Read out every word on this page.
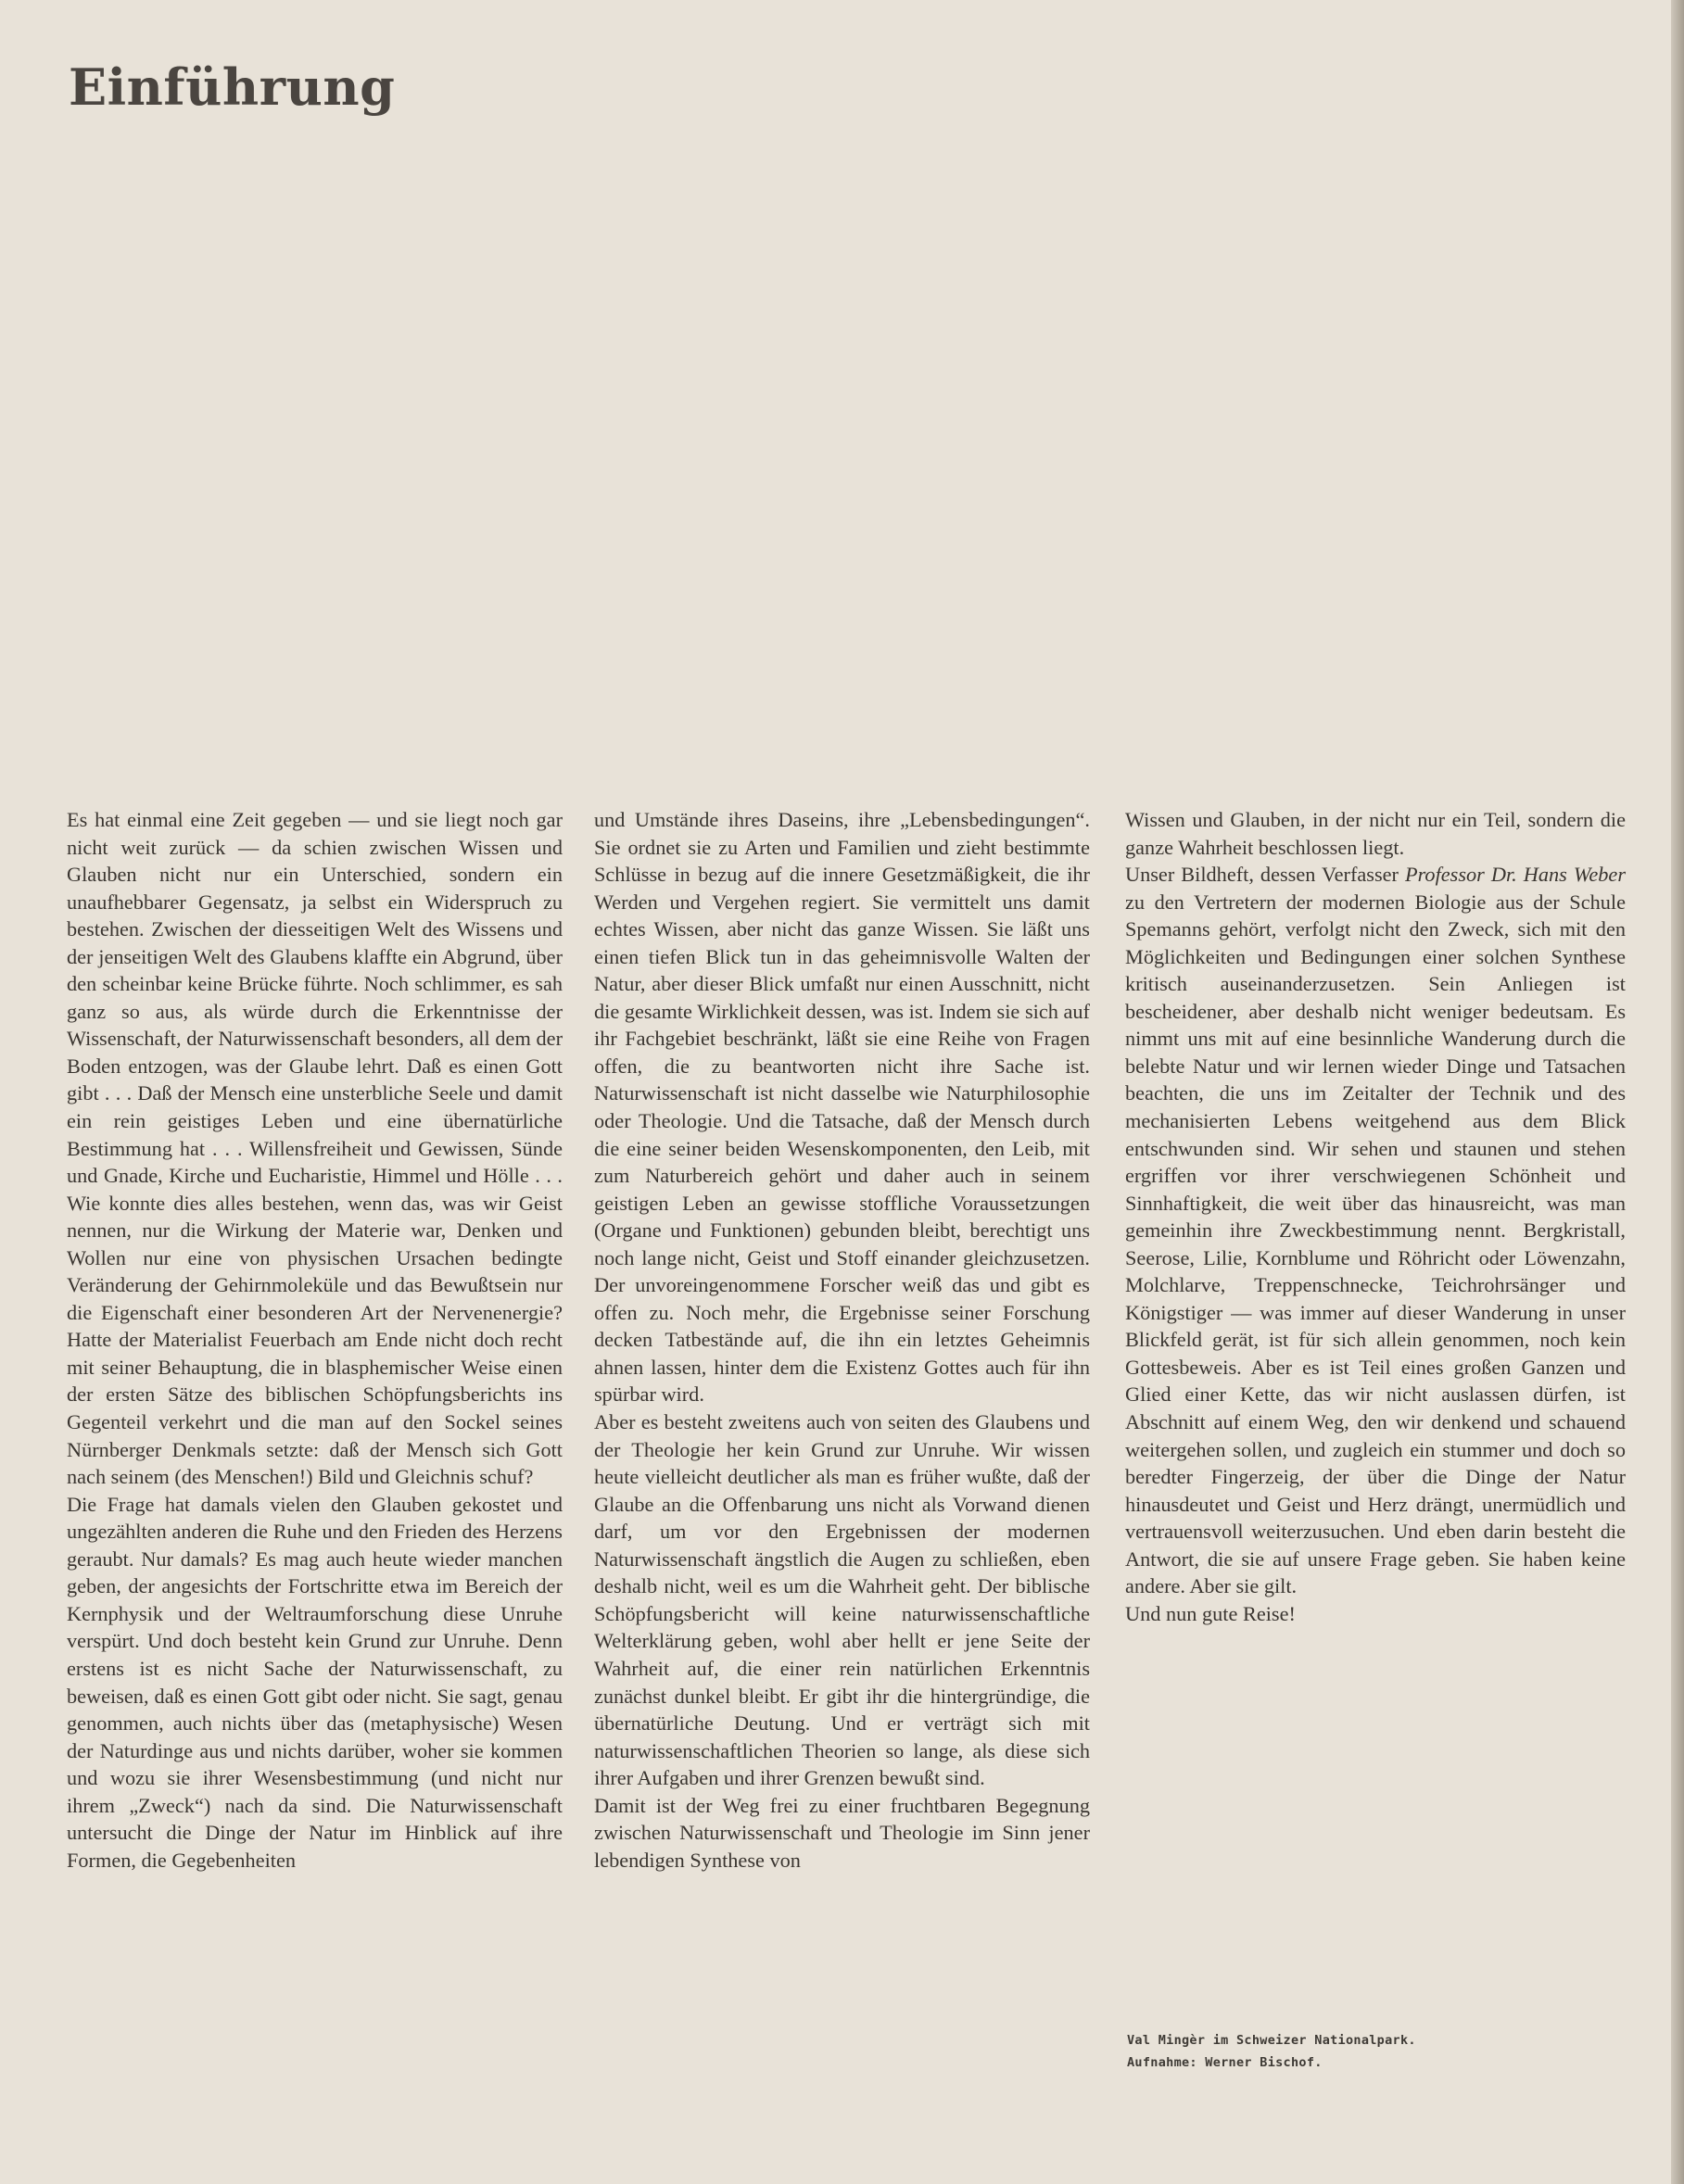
Einführung

Es hat einmal eine Zeit gegeben — und sie liegt noch gar nicht weit zurück — da schien zwischen Wissen und Glauben nicht nur ein Unterschied, sondern ein unaufhebbarer Gegensatz, ja selbst ein Widerspruch zu bestehen. Zwischen der diesseitigen Welt des Wissens und der jenseitigen Welt des Glaubens klaffte ein Abgrund, über den scheinbar keine Brücke führte. Noch schlimmer, es sah ganz so aus, als würde durch die Erkenntnisse der Wissenschaft, der Naturwissenschaft besonders, all dem der Boden entzogen, was der Glaube lehrt. Daß es einen Gott gibt . . . Daß der Mensch eine unsterbliche Seele und damit ein rein geistiges Leben und eine übernatürliche Bestimmung hat . . . Willensfreiheit und Gewissen, Sünde und Gnade, Kirche und Eucharistie, Himmel und Hölle . . . Wie konnte dies alles bestehen, wenn das, was wir Geist nennen, nur die Wirkung der Materie war, Denken und Wollen nur eine von physischen Ursachen bedingte Veränderung der Gehirnmoleküle und das Bewußtsein nur die Eigenschaft einer besonderen Art der Nervenenergie? Hatte der Materialist Feuerbach am Ende nicht doch recht mit seiner Behauptung, die in blasphemischer Weise einen der ersten Sätze des biblischen Schöpfungsberichts ins Gegenteil verkehrt und die man auf den Sockel seines Nürnberger Denkmals setzte: daß der Mensch sich Gott nach seinem (des Menschen!) Bild und Gleichnis schuf?

Die Frage hat damals vielen den Glauben gekostet und ungezählten anderen die Ruhe und den Frieden des Herzens geraubt. Nur damals? Es mag auch heute wieder manchen geben, der angesichts der Fortschritte etwa im Bereich der Kernphysik und der Weltraumforschung diese Unruhe verspürt. Und doch besteht kein Grund zur Unruhe. Denn erstens ist es nicht Sache der Naturwissenschaft, zu beweisen, daß es einen Gott gibt oder nicht. Sie sagt, genau genommen, auch nichts über das (metaphysische) Wesen der Naturdinge aus und nichts darüber, woher sie kommen und wozu sie ihrer Wesensbestimmung (und nicht nur ihrem „Zweck“) nach da sind. Die Naturwissenschaft untersucht die Dinge der Natur im Hinblick auf ihre Formen, die Gegebenheiten

und Umstände ihres Daseins, ihre „Lebensbedingungen“. Sie ordnet sie zu Arten und Familien und zieht bestimmte Schlüsse in bezug auf die innere Gesetzmäßigkeit, die ihr Werden und Vergehen regiert. Sie vermittelt uns damit echtes Wissen, aber nicht das ganze Wissen. Sie läßt uns einen tiefen Blick tun in das geheimnisvolle Walten der Natur, aber dieser Blick umfaßt nur einen Ausschnitt, nicht die gesamte Wirklichkeit dessen, was ist. Indem sie sich auf ihr Fachgebiet beschränkt, läßt sie eine Reihe von Fragen offen, die zu beantworten nicht ihre Sache ist. Naturwissenschaft ist nicht dasselbe wie Naturphilosophie oder Theologie. Und die Tatsache, daß der Mensch durch die eine seiner beiden Wesenskomponenten, den Leib, mit zum Naturbereich gehört und daher auch in seinem geistigen Leben an gewisse stoffliche Voraussetzungen (Organe und Funktionen) gebunden bleibt, berechtigt uns noch lange nicht, Geist und Stoff einander gleichzusetzen. Der unvoreingenommene Forscher weiß das und gibt es offen zu. Noch mehr, die Ergebnisse seiner Forschung decken Tatbestände auf, die ihn ein letztes Geheimnis ahnen lassen, hinter dem die Existenz Gottes auch für ihn spürbar wird.

Aber es besteht zweitens auch von seiten des Glaubens und der Theologie her kein Grund zur Unruhe. Wir wissen heute vielleicht deutlicher als man es früher wußte, daß der Glaube an die Offenbarung uns nicht als Vorwand dienen darf, um vor den Ergebnissen der modernen Naturwissenschaft ängstlich die Augen zu schließen, eben deshalb nicht, weil es um die Wahrheit geht. Der biblische Schöpfungsbericht will keine naturwissenschaftliche Welterklärung geben, wohl aber hellt er jene Seite der Wahrheit auf, die einer rein natürlichen Erkenntnis zunächst dunkel bleibt. Er gibt ihr die hintergründige, die übernatürliche Deutung. Und er verträgt sich mit naturwissenschaftlichen Theorien so lange, als diese sich ihrer Aufgaben und ihrer Grenzen bewußt sind.

Damit ist der Weg frei zu einer fruchtbaren Begegnung zwischen Naturwissenschaft und Theologie im Sinn jener lebendigen Synthese von

Wissen und Glauben, in der nicht nur ein Teil, sondern die ganze Wahrheit beschlossen liegt.

Unser Bildheft, dessen Verfasser Professor Dr. Hans Weber zu den Vertretern der modernen Biologie aus der Schule Spemanns gehört, verfolgt nicht den Zweck, sich mit den Möglichkeiten und Bedingungen einer solchen Synthese kritisch auseinanderzusetzen. Sein Anliegen ist bescheidener, aber deshalb nicht weniger bedeutsam. Es nimmt uns mit auf eine besinnliche Wanderung durch die belebte Natur und wir lernen wieder Dinge und Tatsachen beachten, die uns im Zeitalter der Technik und des mechanisierten Lebens weitgehend aus dem Blick entschwunden sind. Wir sehen und staunen und stehen ergriffen vor ihrer verschwiegenen Schönheit und Sinnhaftigkeit, die weit über das hinausreicht, was man gemeinhin ihre Zweckbestimmung nennt. Bergkristall, Seerose, Lilie, Kornblume und Röhricht oder Löwenzahn, Molchlarve, Treppenschnecke, Teichrohrsänger und Königstiger — was immer auf dieser Wanderung in unser Blickfeld gerät, ist für sich allein genommen, noch kein Gottesbeweis. Aber es ist Teil eines großen Ganzen und Glied einer Kette, das wir nicht auslassen dürfen, ist Abschnitt auf einem Weg, den wir denkend und schauend weitergehen sollen, und zugleich ein stummer und doch so beredter Fingerzeig, der über die Dinge der Natur hinausdeutet und Geist und Herz drängt, unermüdlich und vertrauensvoll weiterzusuchen. Und eben darin besteht die Antwort, die sie auf unsere Frage geben. Sie haben keine andere. Aber sie gilt.

Und nun gute Reise!

Val Mingèr im Schweizer Nationalpark.
Aufnahme: Werner Bischof.
